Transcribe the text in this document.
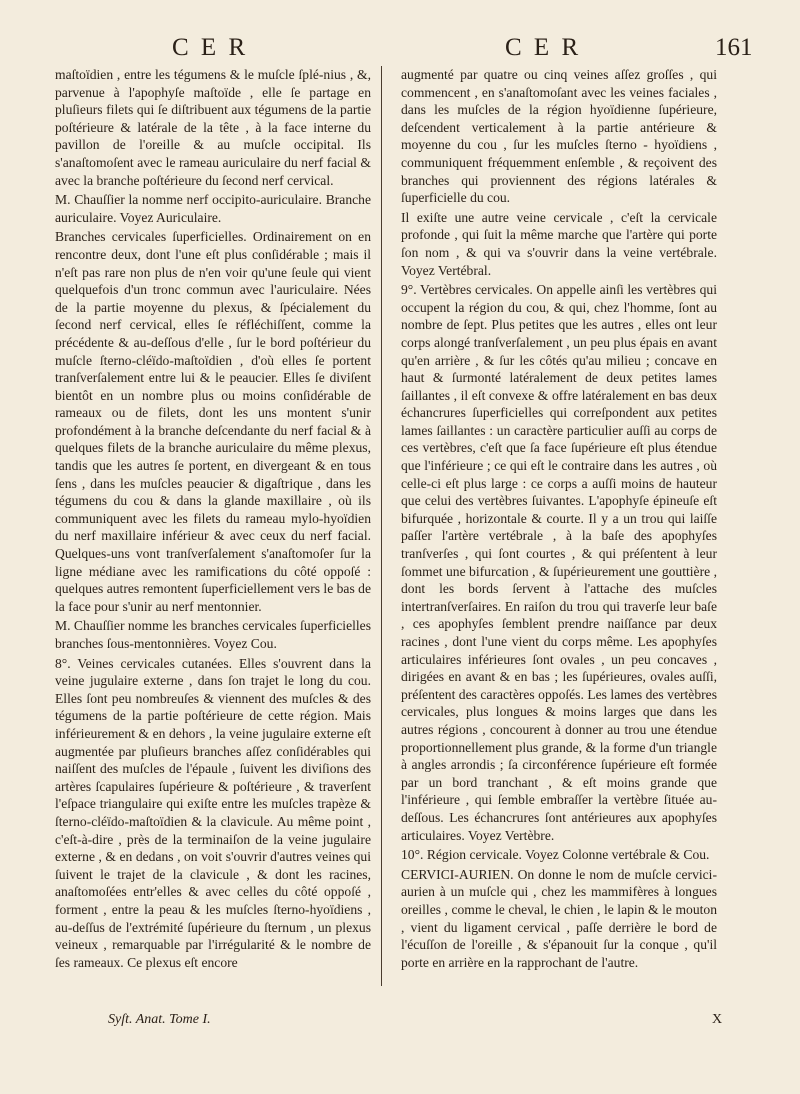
C E R	C E R	161

maſtoïdien , entre les tégumens & le muſcle ſplé-nius , &, parvenue à l'apophyſe maſtoïde , elle ſe partage en pluſieurs filets qui ſe diſtribuent aux tégumens de la partie poſtérieure & latérale de la tête , à la face interne du pavillon de l'oreille & au muſcle occipital. Ils s'anaſtomoſent avec le rameau auriculaire du nerf facial & avec la branche poſtérieure du ſecond nerf cervical.

M. Chauſſier la nomme nerf occipito-auriculaire. Branche auriculaire. Voyez Auriculaire.

Branches cervicales ſuperficielles. Ordinairement on en rencontre deux, dont l'une eſt plus conſidérable ; mais il n'eſt pas rare non plus de n'en voir qu'une ſeule qui vient quelquefois d'un tronc commun avec l'auriculaire. Nées de la partie moyenne du plexus, & ſpécialement du ſecond nerf cervical, elles ſe réfléchiſſent, comme la précédente & au-deſſous d'elle , ſur le bord poſtérieur du muſcle ſterno-cléïdo-maſtoïdien , d'où elles ſe portent tranſverſalement entre lui & le peaucier. Elles ſe diviſent bientôt en un nombre plus ou moins conſidérable de rameaux ou de filets, dont les uns montent s'unir profondément à la branche deſcendante du nerf facial & à quelques filets de la branche auriculaire du même plexus, tandis que les autres ſe portent, en divergeant & en tous ſens , dans les muſcles peaucier & digaſtrique , dans les tégumens du cou & dans la glande maxillaire , où ils communiquent avec les filets du rameau mylo-hyoïdien du nerf maxillaire inférieur & avec ceux du nerf facial. Quelques-uns vont tranſverſalement s'anaſtomoſer ſur la ligne médiane avec les ramifications du côté oppoſé : quelques autres remontent ſuperficiellement vers le bas de la face pour s'unir au nerf mentonnier.

M. Chauſſier nomme les branches cervicales ſuperficielles branches ſous-mentonnières. Voyez Cou.

8°. Veines cervicales cutanées. Elles s'ouvrent dans la veine jugulaire externe , dans ſon trajet le long du cou. Elles ſont peu nombreuſes & viennent des muſcles & des tégumens de la partie poſtérieure de cette région. Mais inférieurement & en dehors , la veine jugulaire externe eſt augmentée par pluſieurs branches aſſez conſidérables qui naiſſent des muſcles de l'épaule , ſuivent les diviſions des artères ſcapulaires ſupérieure & poſtérieure , & traverſent l'eſpace triangulaire qui exiſte entre les muſcles trapèze & ſterno-cléïdo-maſtoïdien & la clavicule. Au même point , c'eſt-à-dire , près de la terminaiſon de la veine jugulaire externe , & en dedans , on voit s'ouvrir d'autres veines qui ſuivent le trajet de la clavicule , & dont les racines, anaſtomoſées entr'elles & avec celles du côté oppoſé , forment , entre la peau & les muſcles ſterno-hyoïdiens , au-deſſus de l'extrémité ſupérieure du ſternum , un plexus veineux , remarquable par l'irrégularité & le nombre de ſes rameaux. Ce plexus eſt encore

augmenté par quatre ou cinq veines aſſez groſſes , qui commencent , en s'anaſtomoſant avec les veines faciales , dans les muſcles de la région hyoïdienne ſupérieure, deſcendent verticalement à la partie antérieure & moyenne du cou , ſur les muſcles ſterno - hyoïdiens , communiquent fréquemment enſemble , & reçoivent des branches qui proviennent des régions latérales & ſuperficielle du cou.

Il exiſte une autre veine cervicale , c'eſt la cervicale profonde , qui ſuit la même marche que l'artère qui porte ſon nom , & qui va s'ouvrir dans la veine vertébrale. Voyez Vertébral.

9°. Vertèbres cervicales. On appelle ainſi les vertèbres qui occupent la région du cou, & qui, chez l'homme, ſont au nombre de ſept. Plus petites que les autres , elles ont leur corps alongé tranſverſalement , un peu plus épais en avant qu'en arrière , & ſur les côtés qu'au milieu ; concave en haut & ſurmonté latéralement de deux petites lames ſaillantes , il eſt convexe & offre latéralement en bas deux échancrures ſuperficielles qui correſpondent aux petites lames ſaillantes : un caractère particulier auſſi au corps de ces vertèbres, c'eſt que ſa face ſupérieure eſt plus étendue que l'inférieure ; ce qui eſt le contraire dans les autres , où celle-ci eſt plus large : ce corps a auſſi moins de hauteur que celui des vertèbres ſuivantes. L'apophyſe épineuſe eſt bifurquée , horizontale & courte. Il y a un trou qui laiſſe paſſer l'artère vertébrale , à la baſe des apophyſes tranſverſes , qui ſont courtes , & qui préſentent à leur ſommet une bifurcation , & ſupérieurement une gouttière , dont les bords ſervent à l'attache des muſcles intertranſverſaires. En raiſon du trou qui traverſe leur baſe , ces apophyſes ſemblent prendre naiſſance par deux racines , dont l'une vient du corps même. Les apophyſes articulaires inférieures ſont ovales , un peu concaves , dirigées en avant & en bas ; les ſupérieures, ovales auſſi, préſentent des caractères oppoſés. Les lames des vertèbres cervicales, plus longues & moins larges que dans les autres régions , concourent à donner au trou une étendue proportionnellement plus grande, & la forme d'un triangle à angles arrondis ; ſa circonférence ſupérieure eſt formée par un bord tranchant , & eſt moins grande que l'inférieure , qui ſemble embraſſer la vertèbre ſituée au-deſſous. Les échancrures ſont antérieures aux apophyſes articulaires. Voyez Vertèbre.

10°. Région cervicale. Voyez Colonne vertébrale & Cou.

CERVICI-AURIEN. On donne le nom de muſcle cervici-aurien à un muſcle qui , chez les mammifères à longues oreilles , comme le cheval, le chien , le lapin & le mouton , vient du ligament cervical , paſſe derrière le bord de l'écuſſon de l'oreille , & s'épanouit ſur la conque , qu'il porte en arrière en la rapprochant de l'autre.

Syſt. Anat. Tome I.	X
